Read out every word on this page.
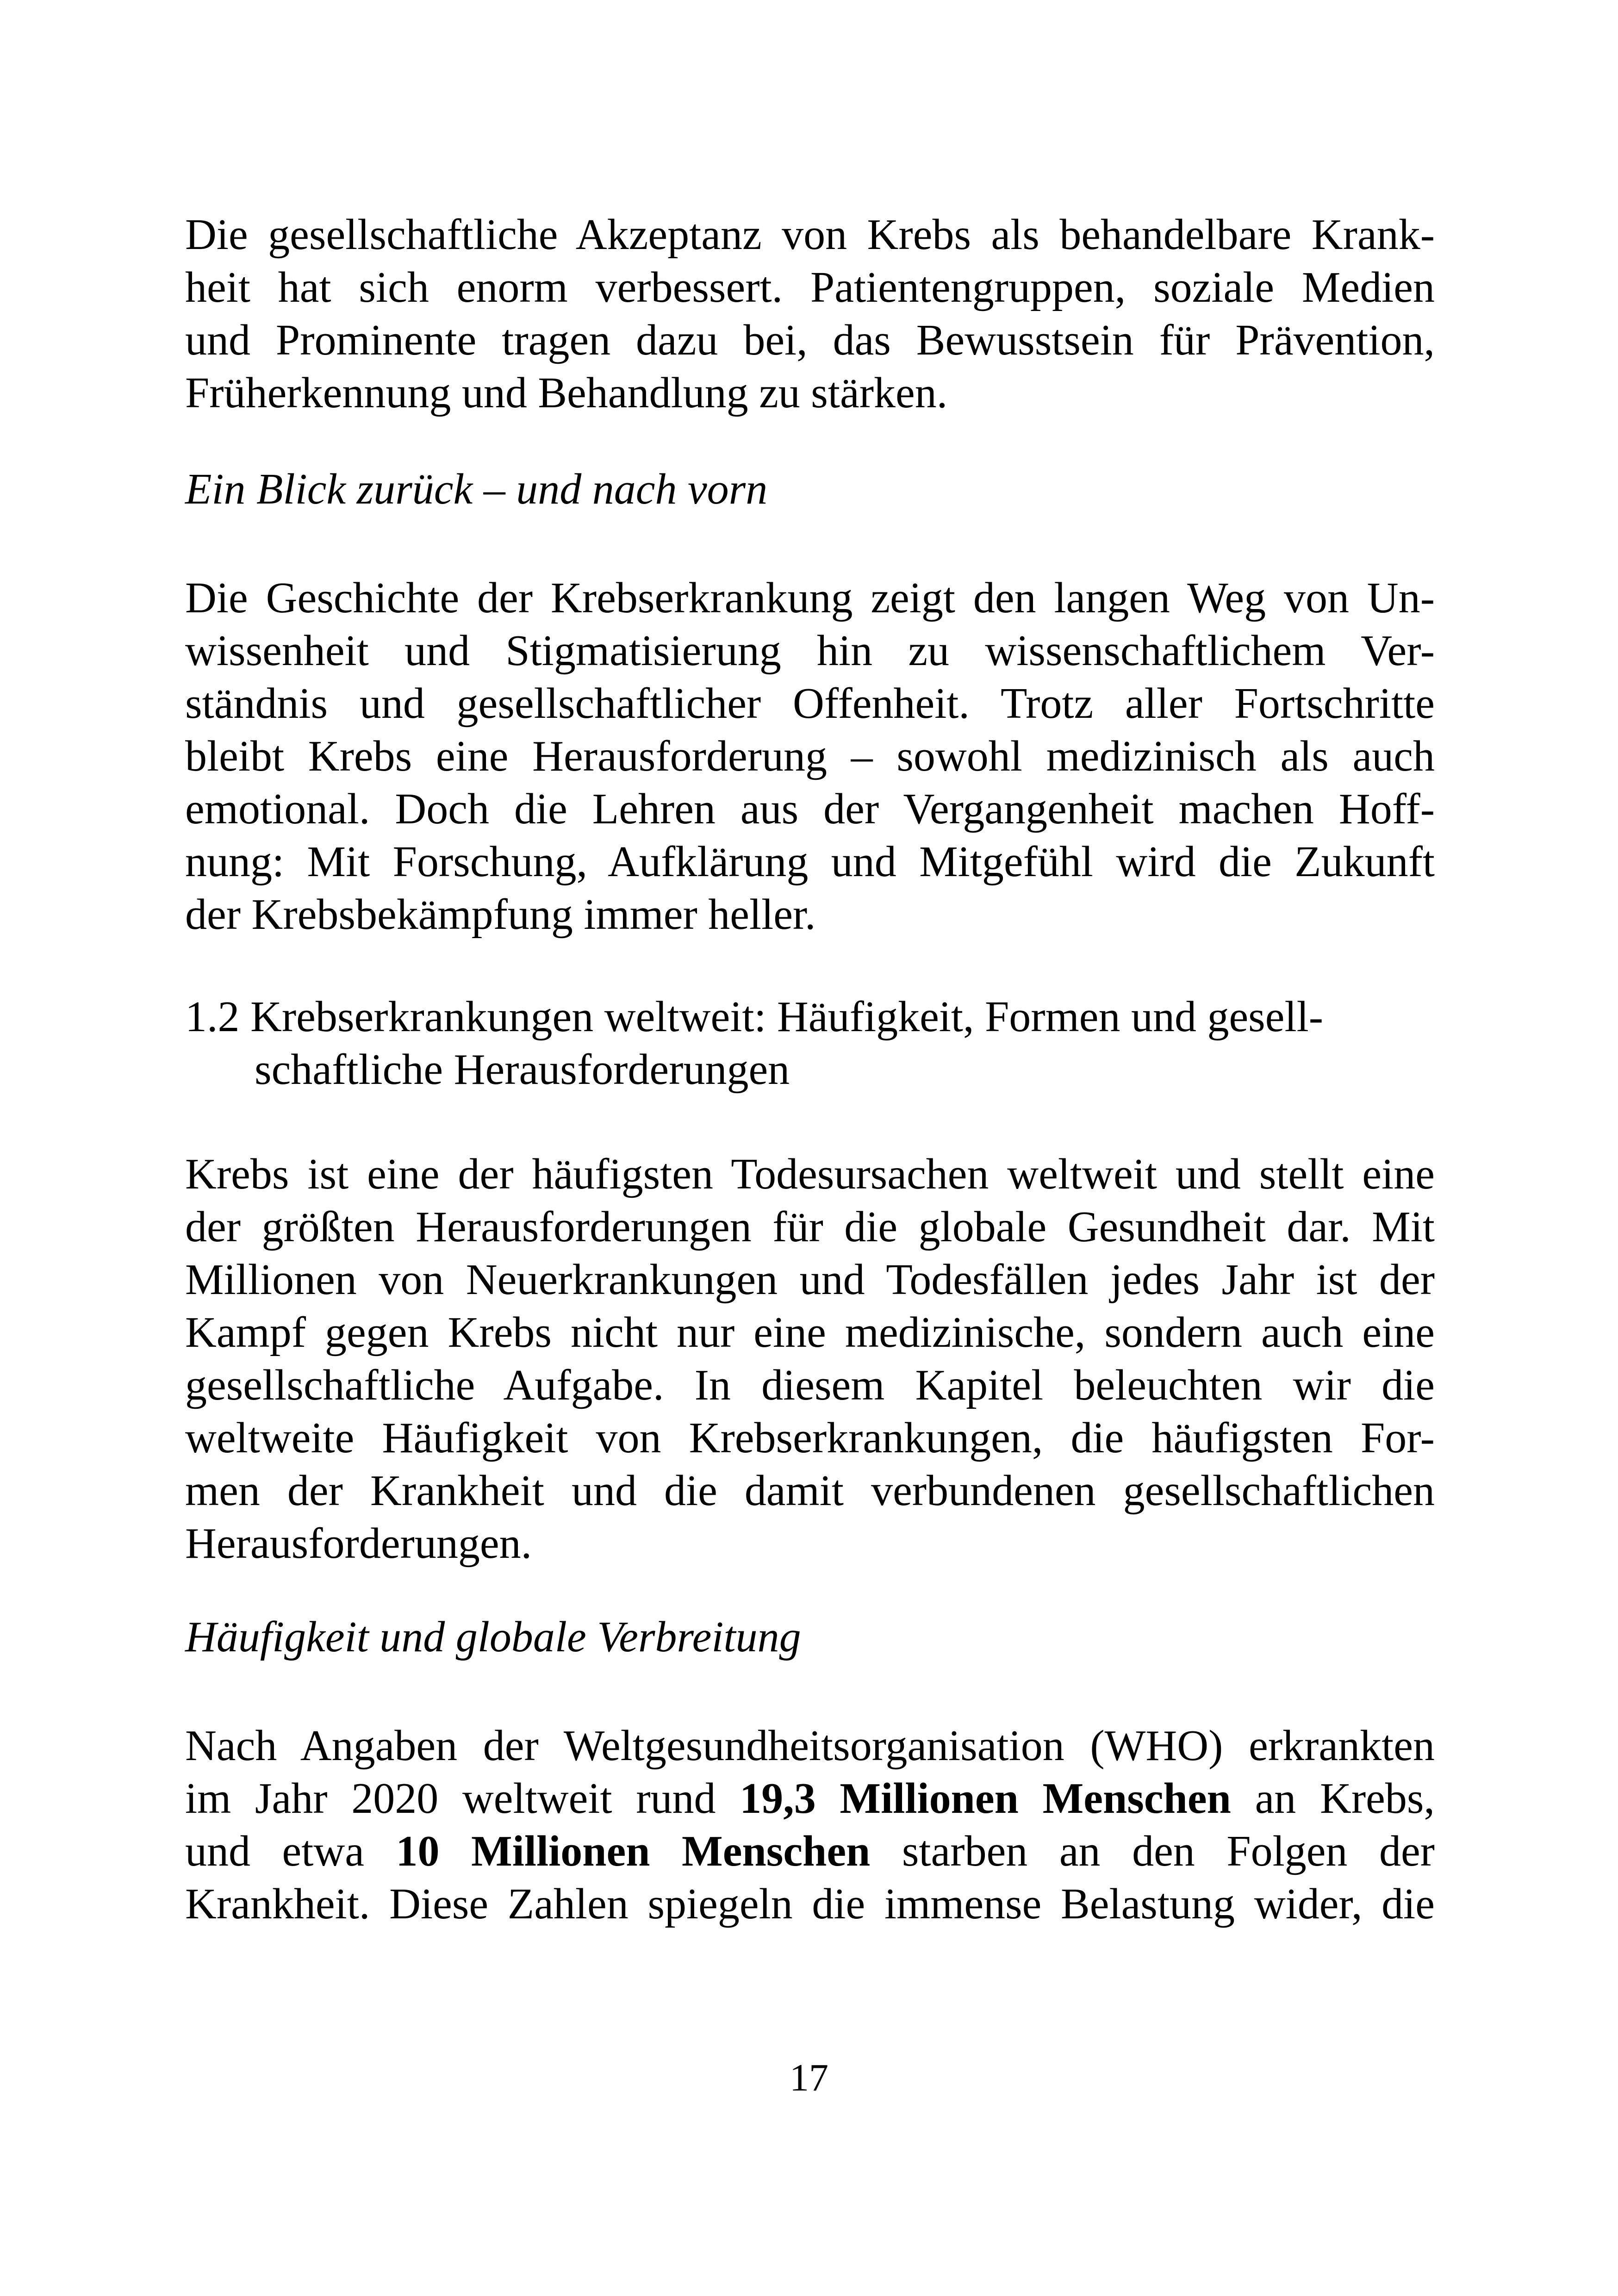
Die gesellschaftliche Akzeptanz von Krebs als behandelbare Krank-
heit hat sich enorm verbessert. Patientengruppen, soziale Medien
und Prominente tragen dazu bei, das Bewusstsein für Prävention,
Früherkennung und Behandlung zu stärken.
Ein Blick zurück – und nach vorn
Die Geschichte der Krebserkrankung zeigt den langen Weg von Un-
wissenheit und Stigmatisierung hin zu wissenschaftlichem Ver-
ständnis und gesellschaftlicher Offenheit. Trotz aller Fortschritte
bleibt Krebs eine Herausforderung – sowohl medizinisch als auch
emotional. Doch die Lehren aus der Vergangenheit machen Hoff-
nung: Mit Forschung, Aufklärung und Mitgefühl wird die Zukunft
der Krebsbekämpfung immer heller.
1.2 Krebserkrankungen weltweit: Häufigkeit, Formen und gesell-
schaftliche Herausforderungen
Krebs ist eine der häufigsten Todesursachen weltweit und stellt eine
der größten Herausforderungen für die globale Gesundheit dar. Mit
Millionen von Neuerkrankungen und Todesfällen jedes Jahr ist der
Kampf gegen Krebs nicht nur eine medizinische, sondern auch eine
gesellschaftliche Aufgabe. In diesem Kapitel beleuchten wir die
weltweite Häufigkeit von Krebserkrankungen, die häufigsten For-
men der Krankheit und die damit verbundenen gesellschaftlichen
Herausforderungen.
Häufigkeit und globale Verbreitung
Nach Angaben der Weltgesundheitsorganisation (WHO) erkrankten
im Jahr 2020 weltweit rund 19,3 Millionen Menschen an Krebs,
und etwa 10 Millionen Menschen starben an den Folgen der
Krankheit. Diese Zahlen spiegeln die immense Belastung wider, die
17
